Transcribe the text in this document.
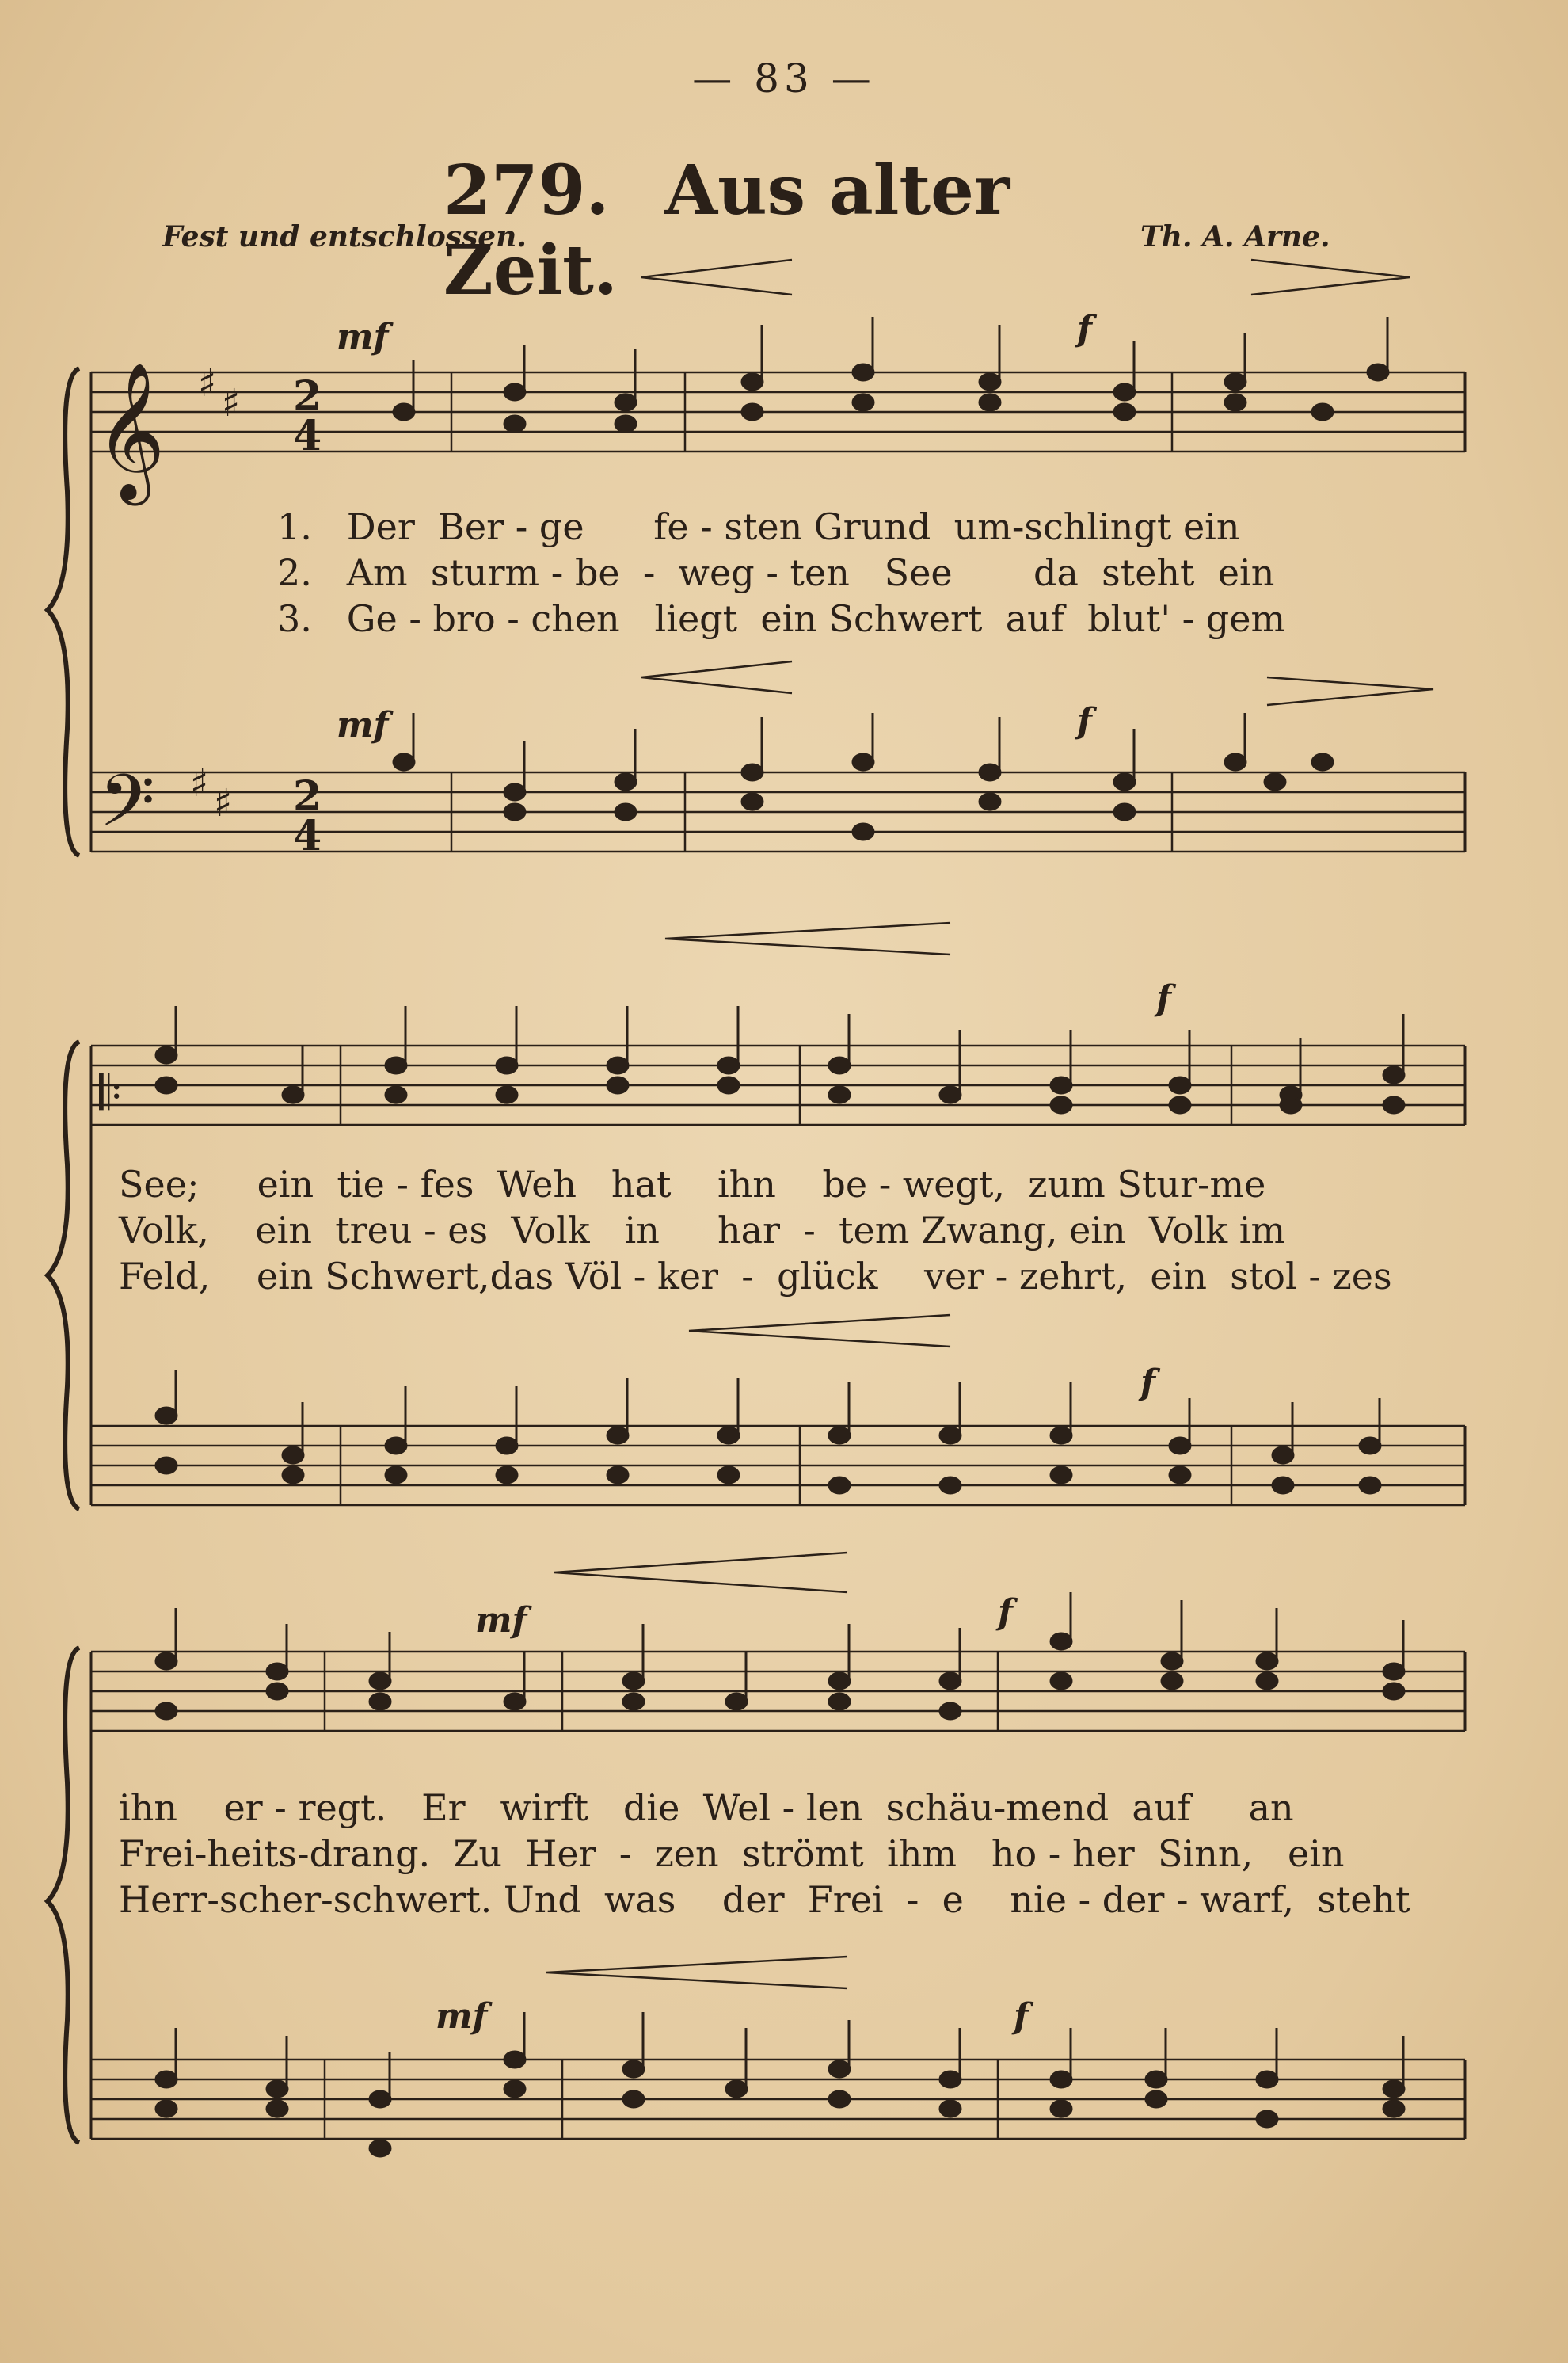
— 83 —
279. Aus alter Zeit.
Fest und entschlossen.	Th. A. Arne.
𝄞
𝄢
♯ ♯
♯ ♯
𝄆
2
4
2
4
mf	f
mf	f
f
f
mf	f
mf	f
1.   Der  Ber - ge      fe - sten Grund  um-schlingt ein
2.   Am  sturm - be  -  weg - ten   See       da  steht  ein
3.   Ge - bro - chen   liegt  ein Schwert  auf  blut' - gem
See;     ein  tie - fes  Weh   hat    ihn    be - wegt,  zum Stur-me
Volk,    ein  treu - es  Volk   in     har  -  tem Zwang, ein  Volk im
Feld,    ein Schwert,das Völ - ker  -  glück    ver - zehrt,  ein  stol - zes
ihn    er - regt.   Er   wirft   die  Wel - len  schäu-mend  auf     an
Frei-heits-drang.  Zu  Her  -  zen  strömt  ihm   ho - her  Sinn,   ein
Herr-scher-schwert. Und  was    der  Frei  -  e    nie - der - warf,  steht
